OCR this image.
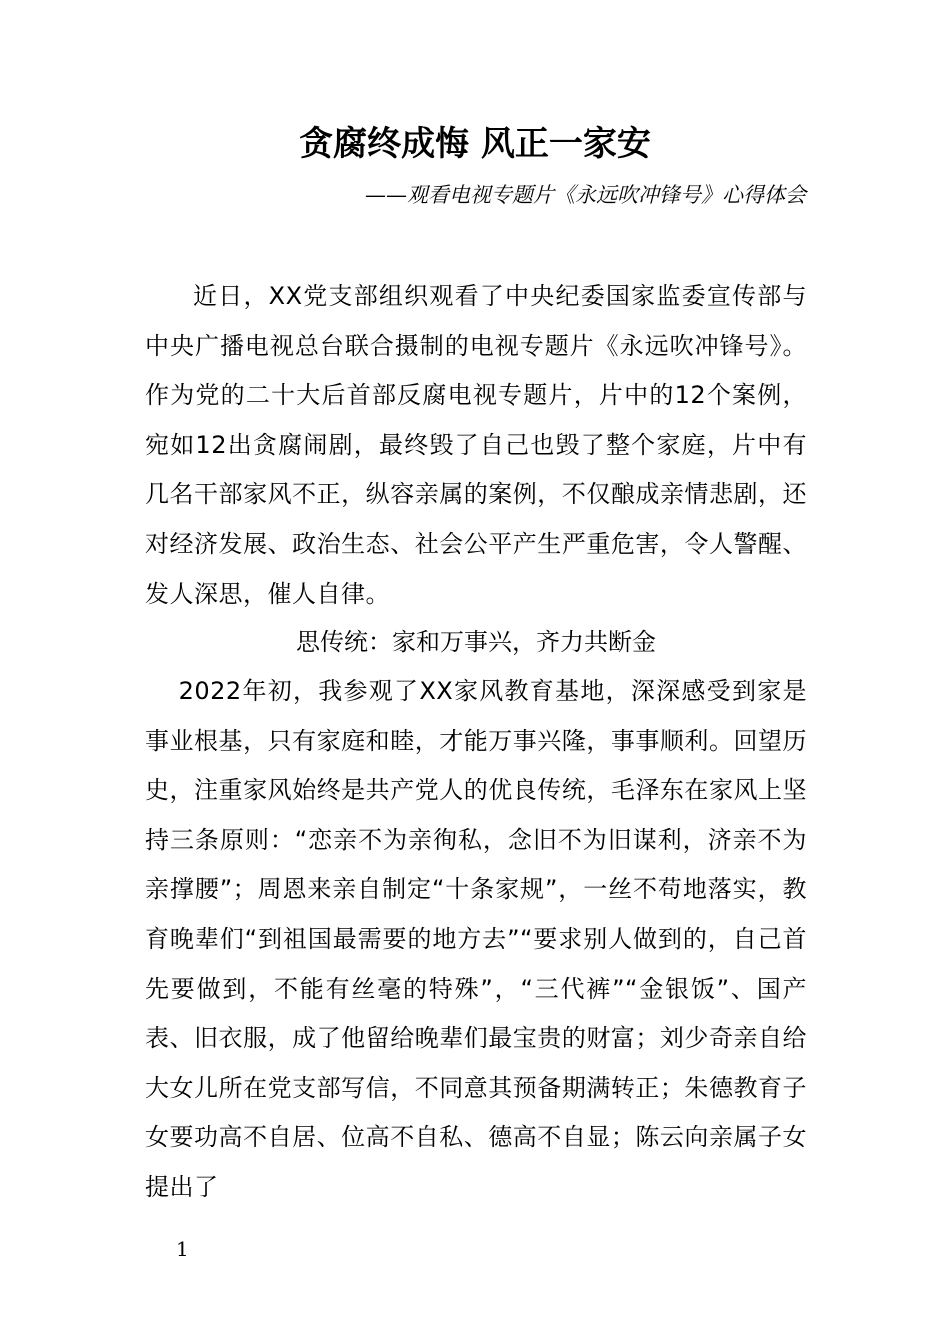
贪腐终成悔 风正一家安

——观看电视专题片《永远吹冲锋号》心得体会

近日，XX党支部组织观看了中央纪委国家监委宣传部与中央广播电视总台联合摄制的电视专题片《永远吹冲锋号》。作为党的二十大后首部反腐电视专题片，片中的12个案例，宛如12出贪腐闹剧，最终毁了自己也毁了整个家庭，片中有几名干部家风不正，纵容亲属的案例，不仅酿成亲情悲剧，还对经济发展、政治生态、社会公平产生严重危害，令人警醒、发人深思，催人自律。

思传统：家和万事兴，齐力共断金

2022年初，我参观了XX家风教育基地，深深感受到家是事业根基，只有家庭和睦，才能万事兴隆，事事顺利。回望历史，注重家风始终是共产党人的优良传统，毛泽东在家风上坚持三条原则：“恋亲不为亲徇私，念旧不为旧谋利，济亲不为亲撑腰”；周恩来亲自制定“十条家规”，一丝不苟地落实，教育晚辈们“到祖国最需要的地方去”“要求别人做到的，自己首先要做到，不能有丝毫的特殊”，“三代裤”“金银饭”、国产表、旧衣服，成了他留给晚辈们最宝贵的财富；刘少奇亲自给大女儿所在党支部写信，不同意其预备期满转正；朱德教育子女要功高不自居、位高不自私、德高不自显；陈云向亲属子女提出了

1
